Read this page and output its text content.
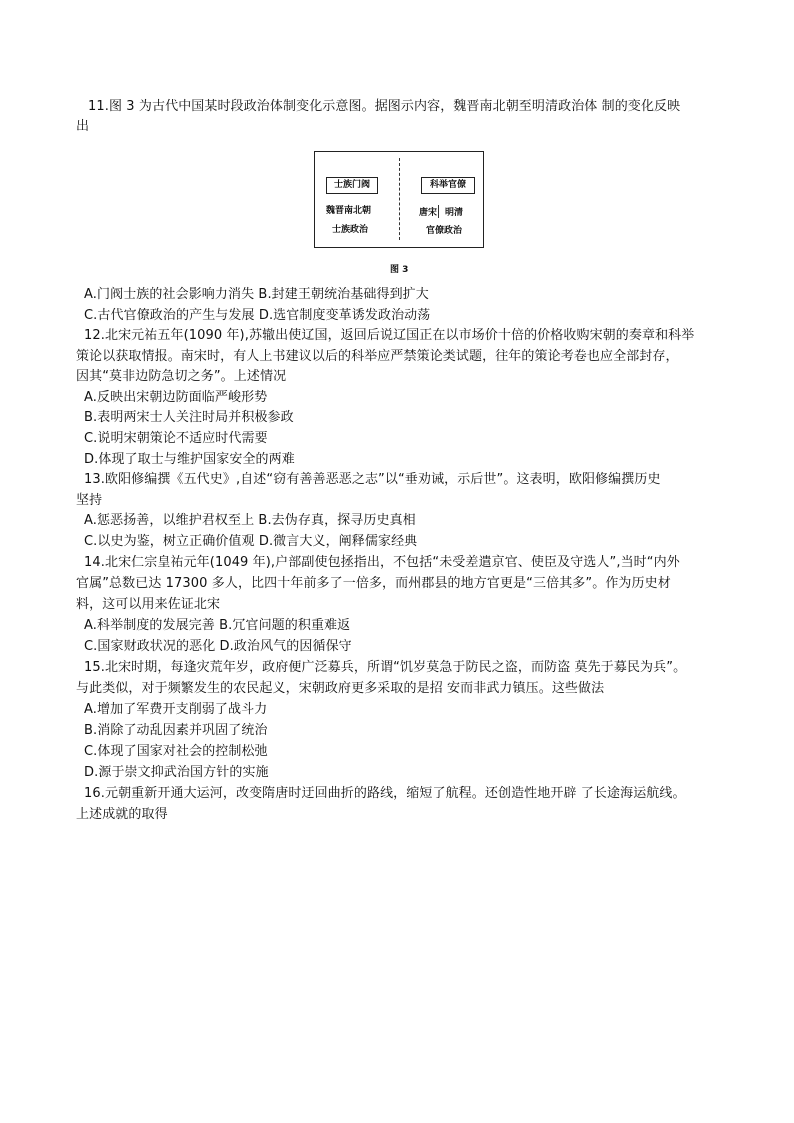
11.图 3 为古代中国某时段政治体制变化示意图。据图示内容，魏晋南北朝至明清政治体 制的变化反映
出
士族门阀
魏晋南北朝
士族政治
科举官僚
唐宋 明清
官僚政治
图 3
A.门阀士族的社会影响力消失 B.封建王朝统治基础得到扩大
C.古代官僚政治的产生与发展 D.选官制度变革诱发政治动荡
12.北宋元祐五年(1090 年),苏辙出使辽国，返回后说辽国正在以市场价十倍的价格收购宋朝的奏章和科举
策论以获取情报。南宋时，有人上书建议以后的科举应严禁策论类试题，往年的策论考卷也应全部封存，
因其“莫非边防急切之务”。上述情况
A.反映出宋朝边防面临严峻形势
B.表明两宋士人关注时局并积极参政
C.说明宋朝策论不适应时代需要
D.体现了取士与维护国家安全的两难
13.欧阳修编撰《五代史》,自述“窃有善善恶恶之志”以“垂劝诫，示后世”。这表明，欧阳修编撰历史
坚持
A.惩恶扬善，以维护君权至上 B.去伪存真，探寻历史真相
C.以史为鉴，树立正确价值观 D.微言大义，阐释儒家经典
14.北宋仁宗皇祐元年(1049 年),户部副使包拯指出，不包括“未受差遣京官、使臣及守选人”,当时“内外
官属”总数已达 17300 多人，比四十年前多了一倍多，而州郡县的地方官更是“三倍其多”。作为历史材
料，这可以用来佐证北宋
A.科举制度的发展完善 B.冗官问题的积重难返
C.国家财政状况的恶化 D.政治风气的因循保守
15.北宋时期，每逢灾荒年岁，政府便广泛募兵，所谓“饥岁莫急于防民之盗，而防盗 莫先于募民为兵”。
与此类似，对于频繁发生的农民起义，宋朝政府更多采取的是招 安而非武力镇压。这些做法
A.增加了军费开支削弱了战斗力
B.消除了动乱因素并巩固了统治
C.体现了国家对社会的控制松弛
D.源于崇文抑武治国方针的实施
16.元朝重新开通大运河，改变隋唐时迂回曲折的路线，缩短了航程。还创造性地开辟 了长途海运航线。
上述成就的取得
